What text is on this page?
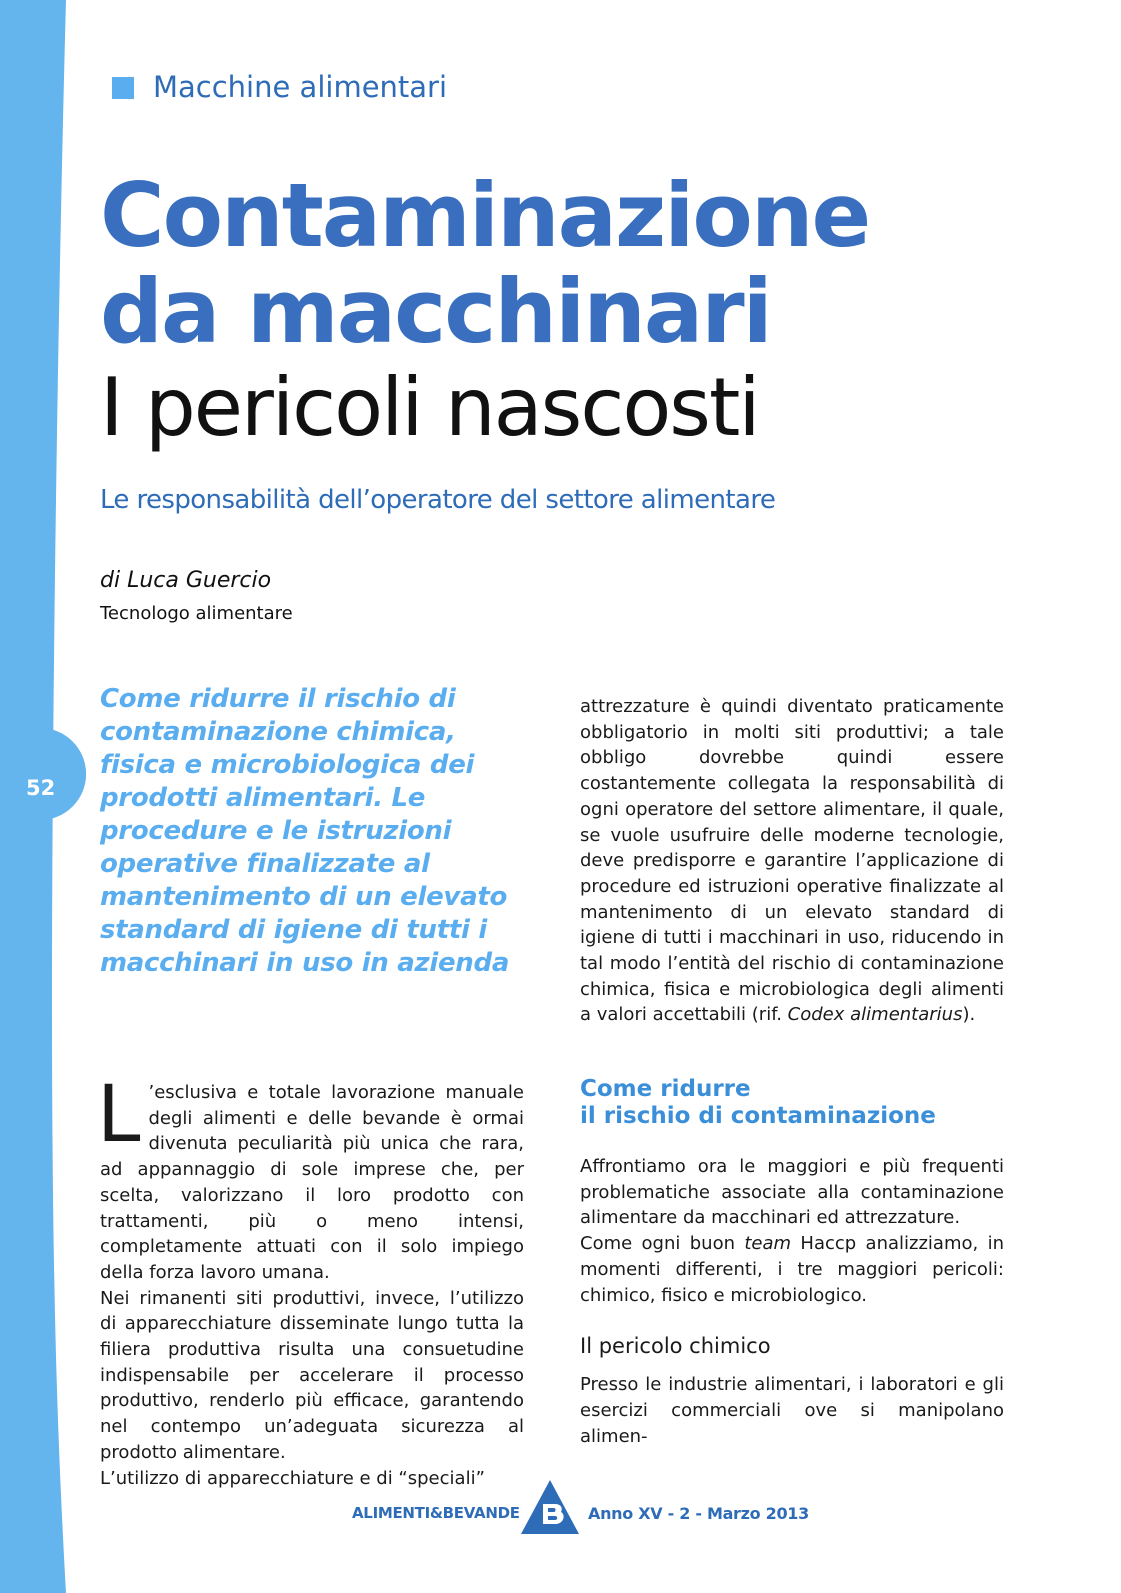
52
Macchine alimentari
Contaminazione
da macchinari
I pericoli nascosti
Le responsabilità dell’operatore del settore alimentare
di Luca Guercio
Tecnologo alimentare

Come ridurre il rischio di contaminazione chimica, fisica e microbiologica dei prodotti alimentari. Le procedure e le istruzioni operative finalizzate al mantenimento di un elevato standard di igiene di tutti i macchinari in uso in azienda

attrezzature è quindi diventato praticamente obbligatorio in molti siti produttivi; a tale obbligo dovrebbe quindi essere costantemente collegata la responsabilità di ogni operatore del settore alimentare, il quale, se vuole usufruire delle moderne tecnologie, deve predisporre e garantire l’applicazione di procedure ed istruzioni operative finalizzate al mantenimento di un elevato standard di igiene di tutti i macchinari in uso, riducendo in tal modo l’entità del rischio di contaminazione chimica, fisica e microbiologica degli alimenti a valori accettabili (rif. Codex alimentarius).

L ’esclusiva e totale lavorazione manuale degli alimenti e delle bevande è ormai divenuta peculiarità più unica che rara, ad appannaggio di sole imprese che, per scelta, valorizzano il loro prodotto con trattamenti, più o meno intensi, completamente attuati con il solo impiego della forza lavoro umana.

Nei rimanenti siti produttivi, invece, l’utilizzo di apparecchiature disseminate lungo tutta la filiera produttiva risulta una consuetudine indispensabile per accelerare il processo produttivo, renderlo più efficace, garantendo nel contempo un’adeguata sicurezza al prodotto alimentare.

L’utilizzo di apparecchiature e di “speciali”

Come ridurre
il rischio di contaminazione

Affrontiamo ora le maggiori e più frequenti problematiche associate alla contaminazione alimentare da macchinari ed attrezzature.

Come ogni buon team Haccp analizziamo, in momenti differenti, i tre maggiori pericoli: chimico, fisico e microbiologico.

Presso le industrie alimentari, i laboratori e gli esercizi commerciali ove si manipolano alimen-

Il pericolo chimico
ALIMENTI&BEVANDE	Anno XV - 2 - Marzo 2013
